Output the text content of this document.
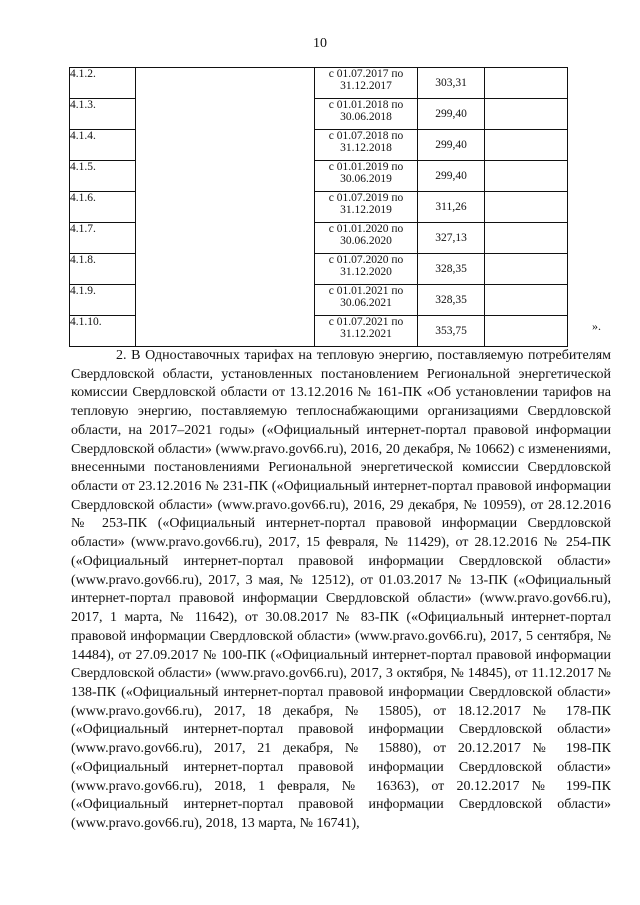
10
4.1.2.		с 01.07.2017 по 31.12.2017	303,31	
4.1.3.		с 01.01.2018 по 30.06.2018	299,40	
4.1.4.		с 01.07.2018 по 31.12.2018	299,40	
4.1.5.		с 01.01.2019 по 30.06.2019	299,40	
4.1.6.		с 01.07.2019 по 31.12.2019	311,26	
4.1.7.		с 01.01.2020 по 30.06.2020	327,13	
4.1.8.		с 01.07.2020 по 31.12.2020	328,35	
4.1.9.		с 01.01.2021 по 30.06.2021	328,35	
4.1.10.		с 01.07.2021 по 31.12.2021	353,75		».

2. В Одноставочных тарифах на тепловую энергию, поставляемую потребителям Свердловской области, установленных постановлением Региональной энергетической комиссии Свердловской области от 13.12.2016 № 161-ПК «Об установлении тарифов на тепловую энергию, поставляемую теплоснабжающими организациями Свердловской области, на 2017–2021 годы» («Официальный интернет-портал правовой информации Свердловской области» (www.pravo.gov66.ru), 2016, 20 декабря, № 10662) с изменениями, внесенными постановлениями Региональной энергетической комиссии Свердловской области от 23.12.2016 № 231-ПК («Официальный интернет-портал правовой информации Свердловской области» (www.pravo.gov66.ru), 2016, 29 декабря, № 10959), от 28.12.2016 № 253-ПК («Официальный интернет-портал правовой информации Свердловской области» (www.pravo.gov66.ru), 2017, 15 февраля, № 11429), от 28.12.2016 № 254-ПК («Официальный интернет-портал правовой информации Свердловской области» (www.pravo.gov66.ru), 2017, 3 мая, № 12512), от 01.03.2017 № 13-ПК («Официальный интернет-портал правовой информации Свердловской области» (www.pravo.gov66.ru), 2017, 1 марта, № 11642), от 30.08.2017 № 83-ПК («Официальный интернет-портал правовой информации Свердловской области» (www.pravo.gov66.ru), 2017, 5 сентября, № 14484), от 27.09.2017 № 100-ПК («Официальный интернет-портал правовой информации Свердловской области» (www.pravo.gov66.ru), 2017, 3 октября, № 14845), от 11.12.2017 № 138-ПК («Официальный интернет-портал правовой информации Свердловской области» (www.pravo.gov66.ru), 2017, 18 декабря, № 15805), от 18.12.2017 № 178-ПК («Официальный интернет-портал правовой информации Свердловской области» (www.pravo.gov66.ru), 2017, 21 декабря, № 15880), от 20.12.2017 № 198-ПК («Официальный интернет-портал правовой информации Свердловской области» (www.pravo.gov66.ru), 2018, 1 февраля, № 16363), от 20.12.2017 № 199-ПК («Официальный интернет-портал правовой информации Свердловской области» (www.pravo.gov66.ru), 2018, 13 марта, № 16741),
